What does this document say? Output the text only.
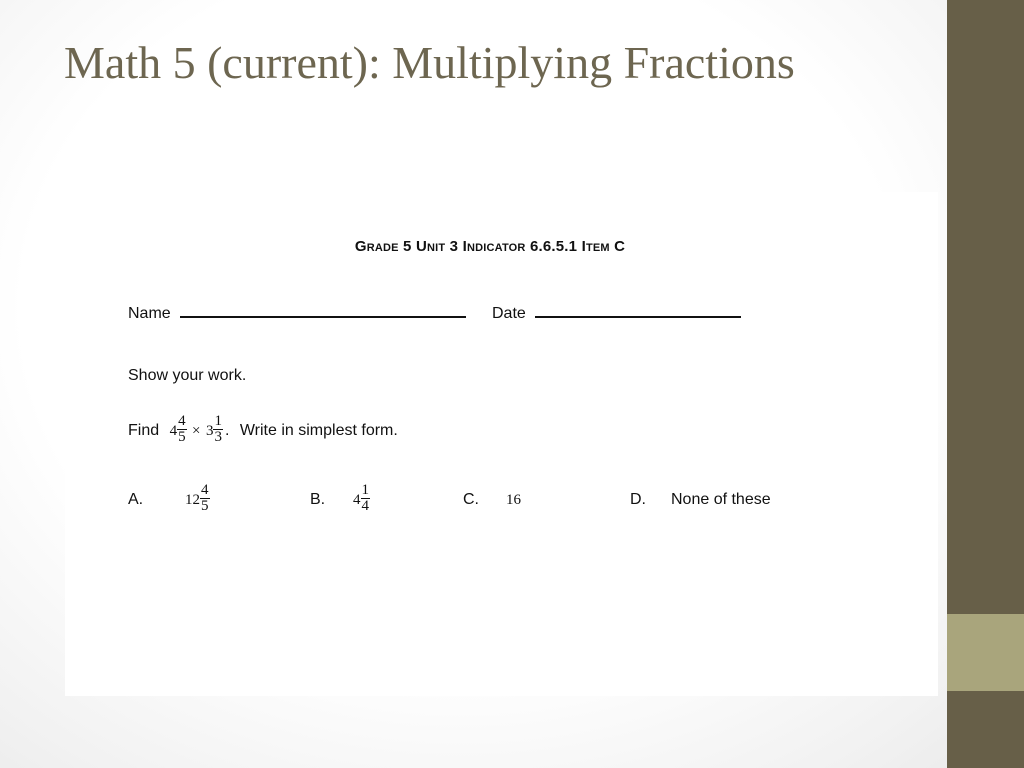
Math 5 (current): Multiplying Fractions
Grade 5 Unit 3 Indicator 6.6.5.1 Item C
Name	Date
Show your work.
Find $4 \frac{4}{5} \times 3 \frac{1}{3}$ . Write in simplest form.
A.	$12 \frac{4}{5}$	B. $4 \frac{1}{4}$	C. 16	D. None of these
